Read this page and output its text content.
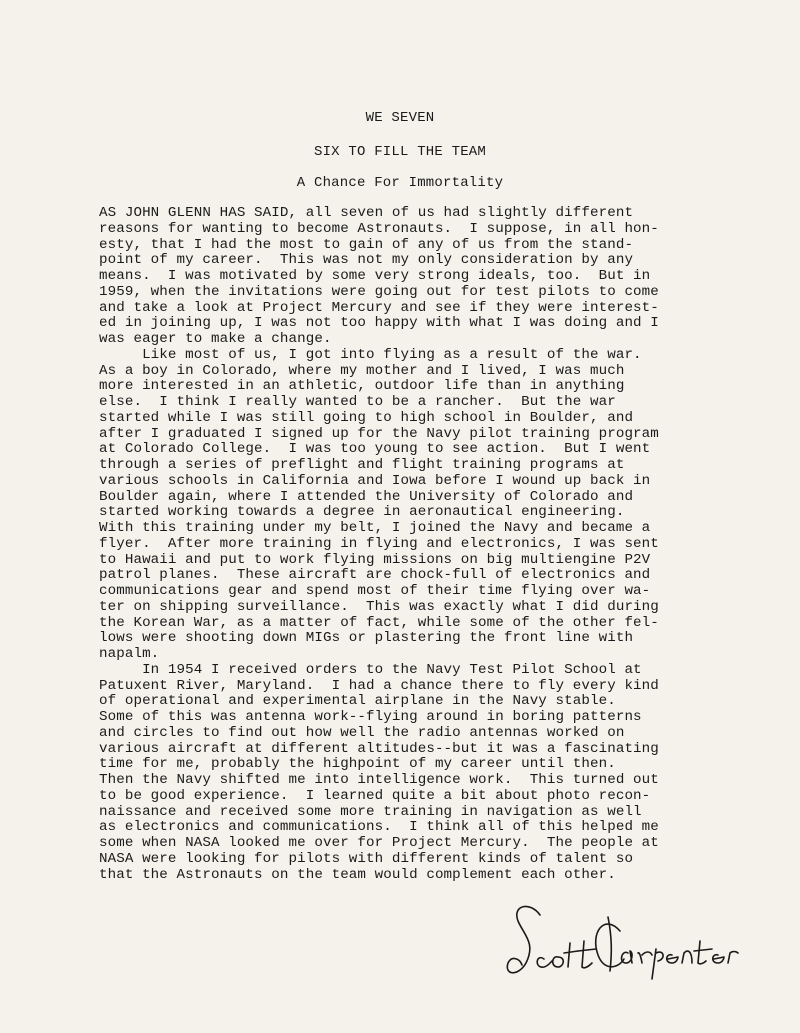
WE SEVEN
SIX TO FILL THE TEAM
A Chance For Immortality
AS JOHN GLENN HAS SAID, all seven of us had slightly different
reasons for wanting to become Astronauts.  I suppose, in all hon-
esty, that I had the most to gain of any of us from the stand-
point of my career.  This was not my only consideration by any
means.  I was motivated by some very strong ideals, too.  But in
1959, when the invitations were going out for test pilots to come
and take a look at Project Mercury and see if they were interest-
ed in joining up, I was not too happy with what I was doing and I
was eager to make a change.
Like most of us, I got into flying as a result of the war.
As a boy in Colorado, where my mother and I lived, I was much
more interested in an athletic, outdoor life than in anything
else.  I think I really wanted to be a rancher.  But the war
started while I was still going to high school in Boulder, and
after I graduated I signed up for the Navy pilot training program
at Colorado College.  I was too young to see action.  But I went
through a series of preflight and flight training programs at
various schools in California and Iowa before I wound up back in
Boulder again, where I attended the University of Colorado and
started working towards a degree in aeronautical engineering.
With this training under my belt, I joined the Navy and became a
flyer.  After more training in flying and electronics, I was sent
to Hawaii and put to work flying missions on big multiengine P2V
patrol planes.  These aircraft are chock-full of electronics and
communications gear and spend most of their time flying over wa-
ter on shipping surveillance.  This was exactly what I did during
the Korean War, as a matter of fact, while some of the other fel-
lows were shooting down MIGs or plastering the front line with
napalm.
In 1954 I received orders to the Navy Test Pilot School at
Patuxent River, Maryland.  I had a chance there to fly every kind
of operational and experimental airplane in the Navy stable.
Some of this was antenna work--flying around in boring patterns
and circles to find out how well the radio antennas worked on
various aircraft at different altitudes--but it was a fascinating
time for me, probably the highpoint of my career until then.
Then the Navy shifted me into intelligence work.  This turned out
to be good experience.  I learned quite a bit about photo recon-
naissance and received some more training in navigation as well
as electronics and communications.  I think all of this helped me
some when NASA looked me over for Project Mercury.  The people at
NASA were looking for pilots with different kinds of talent so
that the Astronauts on the team would complement each other.
